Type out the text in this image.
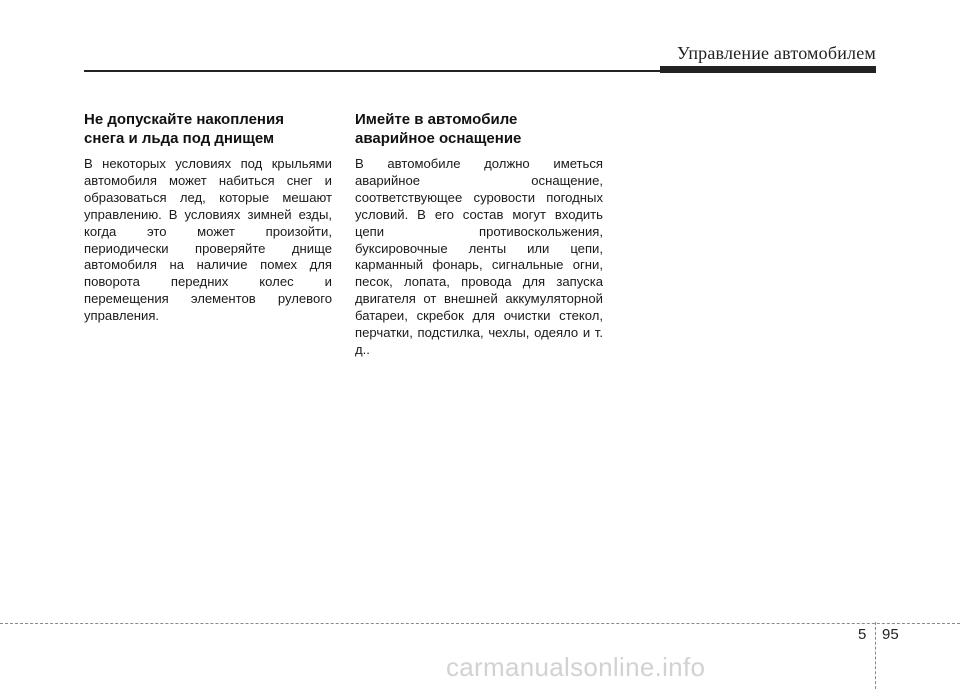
Управление автомобилем
Не допускайте накопления
снега и льда под днищем

В некоторых условиях под крыльями автомобиля может набиться снег и образоваться лед, которые мешают управлению. В условиях зимней езды, когда это может произойти, периодически проверяйте днище автомобиля на наличие помех для поворота передних колес и перемещения элементов рулевого управления.

Имейте в автомобиле
аварийное оснащение

В автомобиле должно иметься аварийное оснащение, соответствующее суровости погодных условий. В его состав могут входить цепи противоскольжения, буксировочные ленты или цепи, карманный фонарь, сигнальные огни, песок, лопата, провода для запуска двигателя от внешней аккумуляторной батареи, скребок для очистки стекол, перчатки, подстилка, чехлы, одеяло и т. д..

5 95
carmanualsonline.info
